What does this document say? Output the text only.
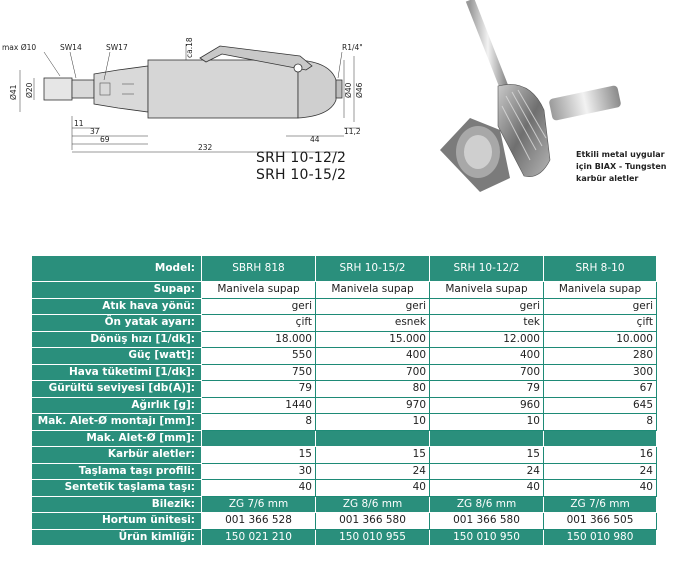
max Ø10	SW14	SW17	ca.18	R1/4"
Ø41 Ø20	Ø40 Ø46
11
37
69
232
44
11,2
SRH 10-12/2
SRH 10-15/2
Etkili metal uygular
için BIAX - Tungsten
karbür aletler
Model:	SBRH 818	SRH 10-15/2	SRH 10-12/2	SRH 8-10
Supap:	Manivela supap	Manivela supap	Manivela supap	Manivela supap
Atık hava yönü:	geri	geri	geri	geri
Ön yatak ayarı:	çift	esnek	tek	çift
Dönüş hızı [1/dk]:	18.000	15.000	12.000	10.000
Güç [watt]:	550	400	400	280
Hava tüketimi [1/dk]:	750	700	700	300
Gürültü seviyesi [db(A)]:	79	80	79	67
Ağırlık [g]:	1440	970	960	645
Mak. Alet-Ø montajı [mm]:	8	10	10	8
Mak. Alet-Ø [mm]:				
Karbür aletler:	15	15	15	16
Taşlama taşı profili:	30	24	24	24
Sentetik taşlama taşı:	40	40	40	40
Bilezik:	ZG 7/6 mm	ZG 8/6 mm	ZG 8/6 mm	ZG 7/6 mm
Hortum ünitesi:	001 366 528	001 366 580	001 366 580	001 366 505
Ürün kimliği:	150 021 210	150 010 955	150 010 950	150 010 980
